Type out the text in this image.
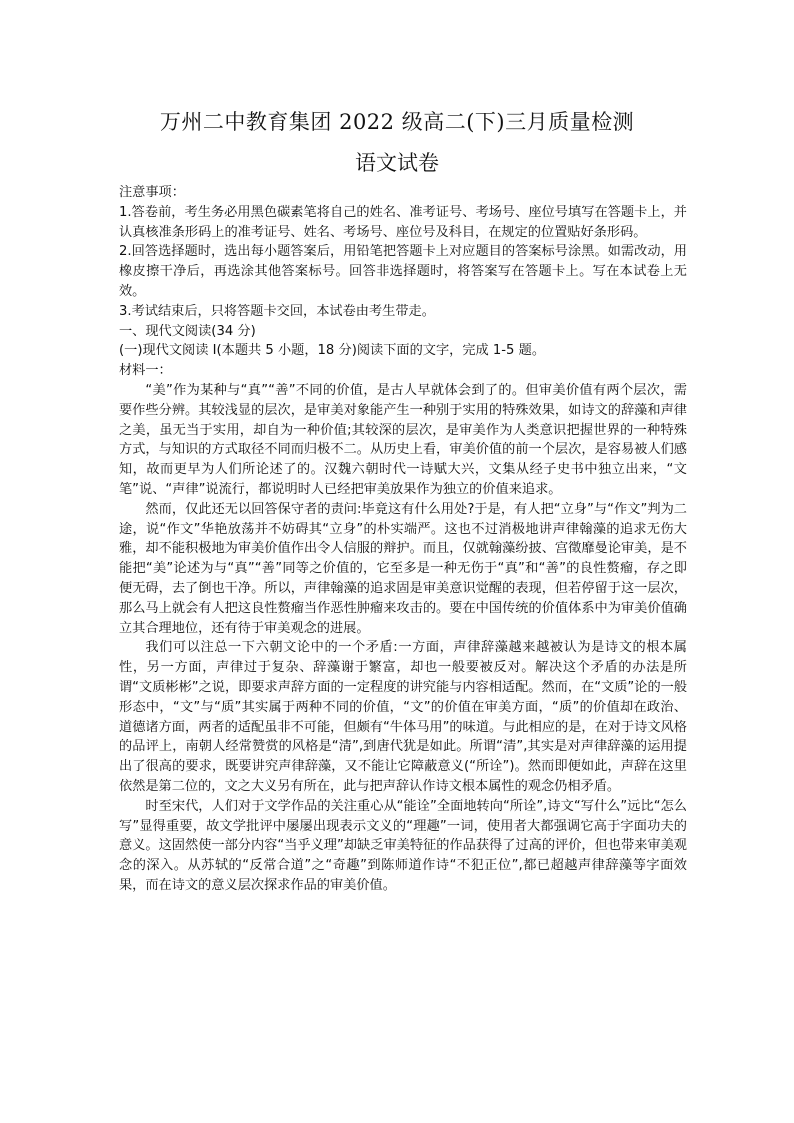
万州二中教育集团 2022 级高二(下)三月质量检测
语文试卷

注意事项：

1.答卷前，考生务必用黑色碳素笔将自己的姓名、准考证号、考场号、座位号填写在答题卡上，并认真核准条形码上的准考证号、姓名、考场号、座位号及科目，在规定的位置贴好条形码。

2.回答选择题时，选出每小题答案后，用铅笔把答题卡上对应题目的答案标号涂黑。如需改动，用橡皮擦干净后，再选涂其他答案标号。回答非选择题时，将答案写在答题卡上。写在本试卷上无效。

3.考试结束后，只将答题卡交回，本试卷由考生带走。

一、现代文阅读(34 分)

(一)现代文阅读 I(本题共 5 小题，18 分)阅读下面的文字，完成 1-5 题。

材料一：

“美”作为某种与“真”“善”不同的价值，是古人早就体会到了的。但审美价值有两个层次，需要作些分辨。其较浅显的层次，是审美对象能产生一种别于实用的特殊效果，如诗文的辞藻和声律之美，虽无当于实用，却自为一种价值;其较深的层次，是审美作为人类意识把握世界的一种特殊方式，与知识的方式取径不同而归极不二。从历史上看，审美价值的前一个层次，是容易被人们感知，故而更早为人们所论述了的。汉魏六朝时代一诗赋大兴，文集从经子史书中独立出来，“文笔”说、“声律”说流行，都说明时人已经把审美放果作为独立的价值来追求。

然而，仅此还无以回答保守者的责问:毕竟这有什么用处?于是，有人把“立身”与“作文”判为二途，说“作文”华艳放荡并不妨碍其“立身”的朴实端严。这也不过消极地讲声律翰藻的追求无伤大雅，却不能积极地为审美价值作出令人信服的辩护。而且，仅就翰藻纷披、宫徵靡曼论审美，是不能把“美”论述为与“真”“善”同等之价值的，它至多是一种无伤于“真”和“善”的良性赘瘤，存之即便无碍，去了倒也干净。所以，声律翰藻的追求固是审美意识觉醒的表现，但若停留于这一层次，那么马上就会有人把这良性赘瘤当作恶性肿瘤来攻击的。要在中国传统的价值体系中为审美价值确立其合理地位，还有待于审美观念的进展。

我们可以注总一下六朝文论中的一个矛盾:一方面，声律辞藻越来越被认为是诗文的根本属性，另一方面，声律过于复杂、辞藻谢于繁富，却也一般要被反对。解决这个矛盾的办法是所谓“文质彬彬”之说，即要求声辞方面的一定程度的讲究能与内容相适配。然而，在“文质”论的一般形态中，“文”与“质”其实属于两种不同的价值，“文”的价值在审美方面，“质”的价值却在政治、道德诸方面，两者的适配虽非不可能，但颇有“牛体马用”的味道。与此相应的是，在对于诗文风格的品评上，南朝人经常赞赏的风格是“清”,到唐代犹是如此。所谓“清”,其实是对声律辞藻的运用提出了很高的要求，既要讲究声律辞藻，又不能让它障蔽意义(“所诠”)。然而即便如此，声辞在这里依然是第二位的，文之大义另有所在，此与把声辞认作诗文根本属性的观念仍相矛盾。

时至宋代，人们对于文学作品的关注重心从“能诠”全面地转向“所诠”,诗文“写什么”远比“怎么写”显得重要，故文学批评中屡屡出现表示文义的“理趣”一词，使用者大都强调它高于字面功夫的意义。这固然使一部分内容“当乎义理”却缺乏审美特征的作品获得了过高的评价，但也带来审美观念的深入。从苏轼的“反常合道”之“奇趣”到陈师道作诗“不犯正位”,都已超越声律辞藻等字面效果，而在诗文的意义层次探求作品的审美价值。
